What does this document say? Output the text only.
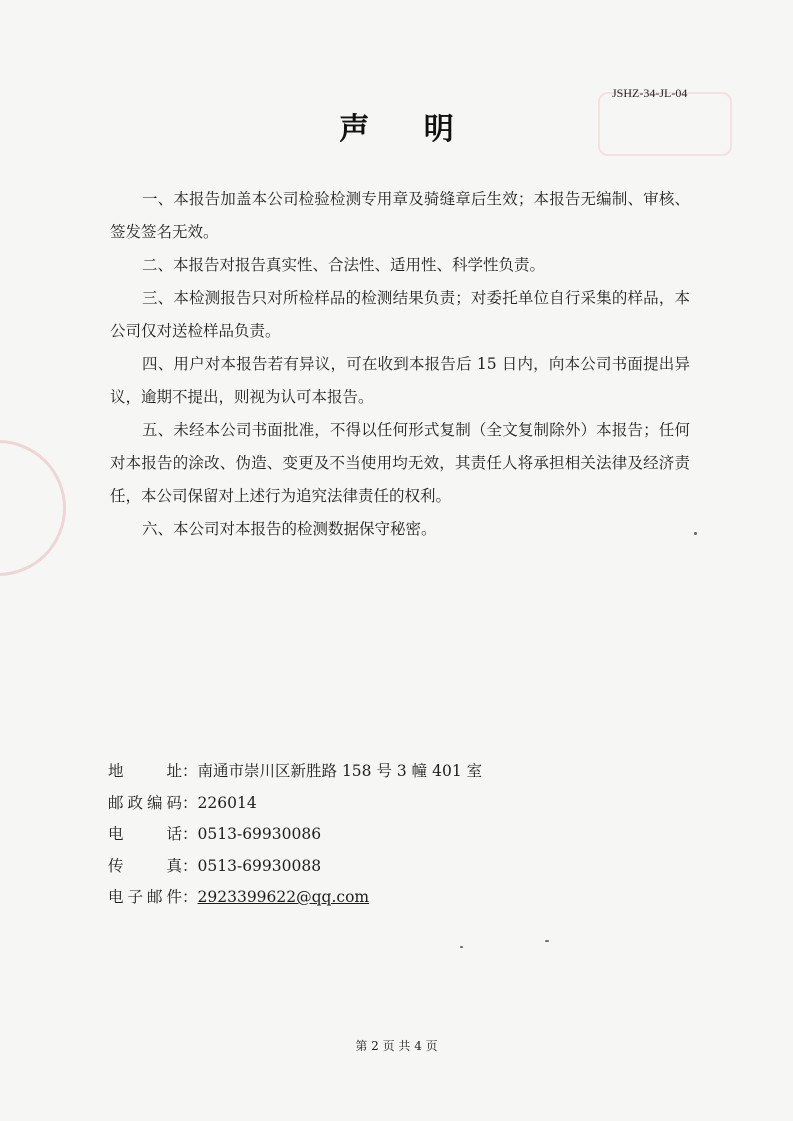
JSHZ-34-JL-04
声 明

一、本报告加盖本公司检验检测专用章及骑缝章后生效；本报告无编制、审核、签发签名无效。

二、本报告对报告真实性、合法性、适用性、科学性负责。

三、本检测报告只对所检样品的检测结果负责；对委托单位自行采集的样品，本公司仅对送检样品负责。

四、用户对本报告若有异议，可在收到本报告后 15 日内，向本公司书面提出异议，逾期不提出，则视为认可本报告。

五、未经本公司书面批准，不得以任何形式复制（全文复制除外）本报告；任何对本报告的涂改、伪造、变更及不当使用均无效，其责任人将承担相关法律及经济责任，本公司保留对上述行为追究法律责任的权利。

六、本公司对本报告的检测数据保守秘密。

地址 ： 南通市崇川区新胜路 158 号 3 幢 401 室
邮政编码 ： 226014
电话 ： 0513-69930086
传真 ： 0513-69930088
电子邮件 ： 2923399622@qq.com
第 2 页 共 4 页
